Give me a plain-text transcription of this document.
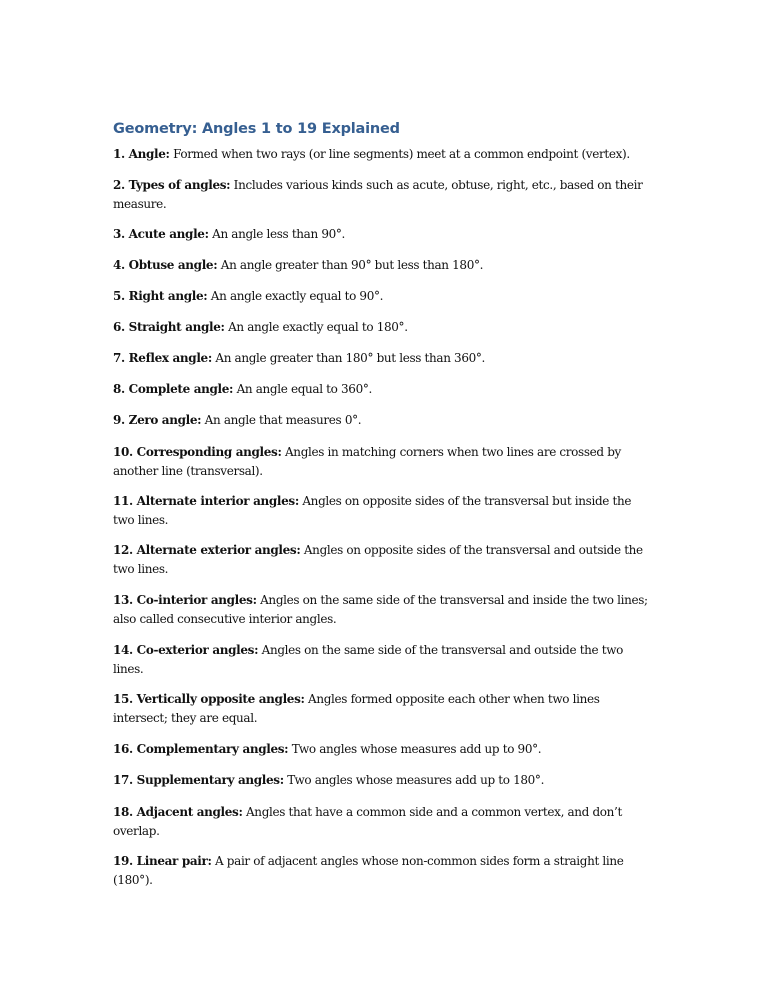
Geometry: Angles 1 to 19 Explained

1. Angle: Formed when two rays (or line segments) meet at a common endpoint (vertex).

2. Types of angles: Includes various kinds such as acute, obtuse, right, etc., based on their measure.

3. Acute angle: An angle less than 90°.

4. Obtuse angle: An angle greater than 90° but less than 180°.

5. Right angle: An angle exactly equal to 90°.

6. Straight angle: An angle exactly equal to 180°.

7. Reflex angle: An angle greater than 180° but less than 360°.

8. Complete angle: An angle equal to 360°.

9. Zero angle: An angle that measures 0°.

10. Corresponding angles: Angles in matching corners when two lines are crossed by another line (transversal).

11. Alternate interior angles: Angles on opposite sides of the transversal but inside the two lines.

12. Alternate exterior angles: Angles on opposite sides of the transversal and outside the two lines.

13. Co-interior angles: Angles on the same side of the transversal and inside the two lines; also called consecutive interior angles.

14. Co-exterior angles: Angles on the same side of the transversal and outside the two lines.

15. Vertically opposite angles: Angles formed opposite each other when two lines intersect; they are equal.

16. Complementary angles: Two angles whose measures add up to 90°.

17. Supplementary angles: Two angles whose measures add up to 180°.

18. Adjacent angles: Angles that have a common side and a common vertex, and don’t overlap.

19. Linear pair: A pair of adjacent angles whose non-common sides form a straight line (180°).
